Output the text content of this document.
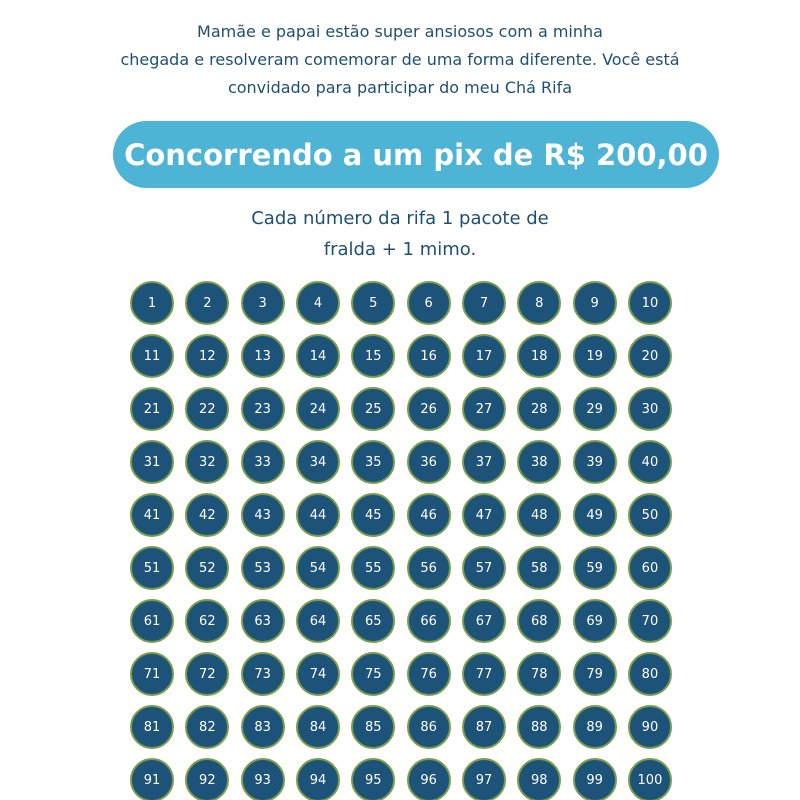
Mamãe e papai estão super ansiosos com a minha
chegada e resolveram comemorar de uma forma diferente. Você está
convidado para participar do meu Chá Rifa
Concorrendo a um pix de R$ 200,00
Cada número da rifa 1 pacote de
fralda + 1 mimo.
1	2	3	4	5	6	7	8	9	10
11	12	13	14	15	16	17	18	19	20
21	22	23	24	25	26	27	28	29	30
31	32	33	34	35	36	37	38	39	40
41	42	43	44	45	46	47	48	49	50
51	52	53	54	55	56	57	58	59	60
61	62	63	64	65	66	67	68	69	70
71	72	73	74	75	76	77	78	79	80
81	82	83	84	85	86	87	88	89	90
91	92	93	94	95	96	97	98	99	100
